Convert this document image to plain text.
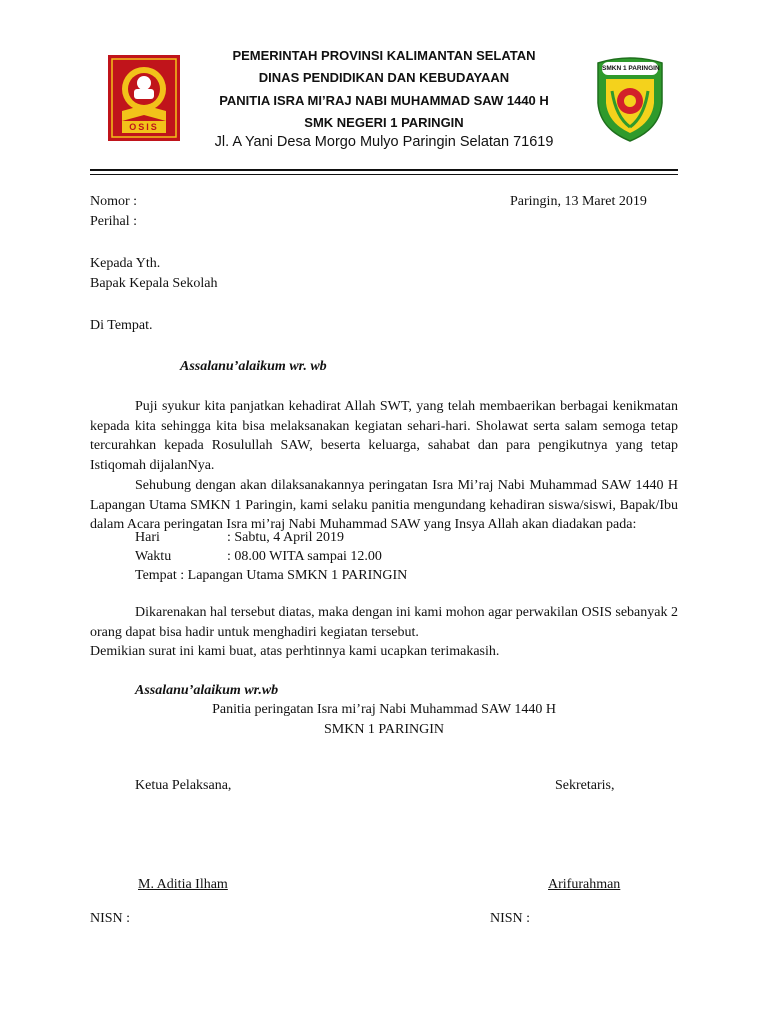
OSIS
SMKN 1 PARINGIN
PEMERINTAH PROVINSI KALIMANTAN SELATAN
DINAS PENDIDIKAN DAN KEBUDAYAAN
PANITIA ISRA MI’RAJ NABI MUHAMMAD SAW 1440 H
SMK NEGERI 1 PARINGIN
Jl. A Yani Desa Morgo Mulyo Paringin Selatan 71619
Nomor :
Perihal :
Paringin, 13 Maret 2019
Kepada Yth.
Bapak Kepala Sekolah
Di Tempat.
Assalanu’alaikum wr. wb
Puji syukur kita panjatkan kehadirat Allah SWT, yang telah membaerikan berbagai kenikmatan
kepada kita sehingga kita bisa melaksanakan kegiatan sehari-hari. Sholawat serta salam semoga tetap
tercurahkan kepada Rosulullah SAW, beserta keluarga, sahabat dan para pengikutnya yang tetap
Istiqomah dijalanNya.
Sehubung dengan akan dilaksanakannya peringatan Isra Mi’raj Nabi Muhammad SAW 1440 H
Lapangan Utama SMKN 1 Paringin, kami selaku panitia mengundang kehadiran siswa/siswi, Bapak/Ibu
dalam Acara peringatan Isra mi’raj Nabi Muhammad SAW yang Insya Allah akan diadakan pada:
Hari	: Sabtu, 4 April 2019
Waktu	: 08.00 WITA sampai 12.00
Tempat : Lapangan Utama SMKN 1 PARINGIN
Dikarenakan hal tersebut diatas, maka dengan ini kami mohon agar perwakilan OSIS sebanyak 2
orang dapat bisa hadir untuk menghadiri kegiatan tersebut.
Demikian surat ini kami buat, atas perhtinnya kami ucapkan terimakasih.
Assalanu’alaikum wr.wb
Panitia peringatan Isra mi’raj Nabi Muhammad SAW 1440 H
SMKN 1 PARINGIN
Ketua Pelaksana,	Sekretaris,
M. Aditia Ilham	Arifurahman
NISN :	NISN :
